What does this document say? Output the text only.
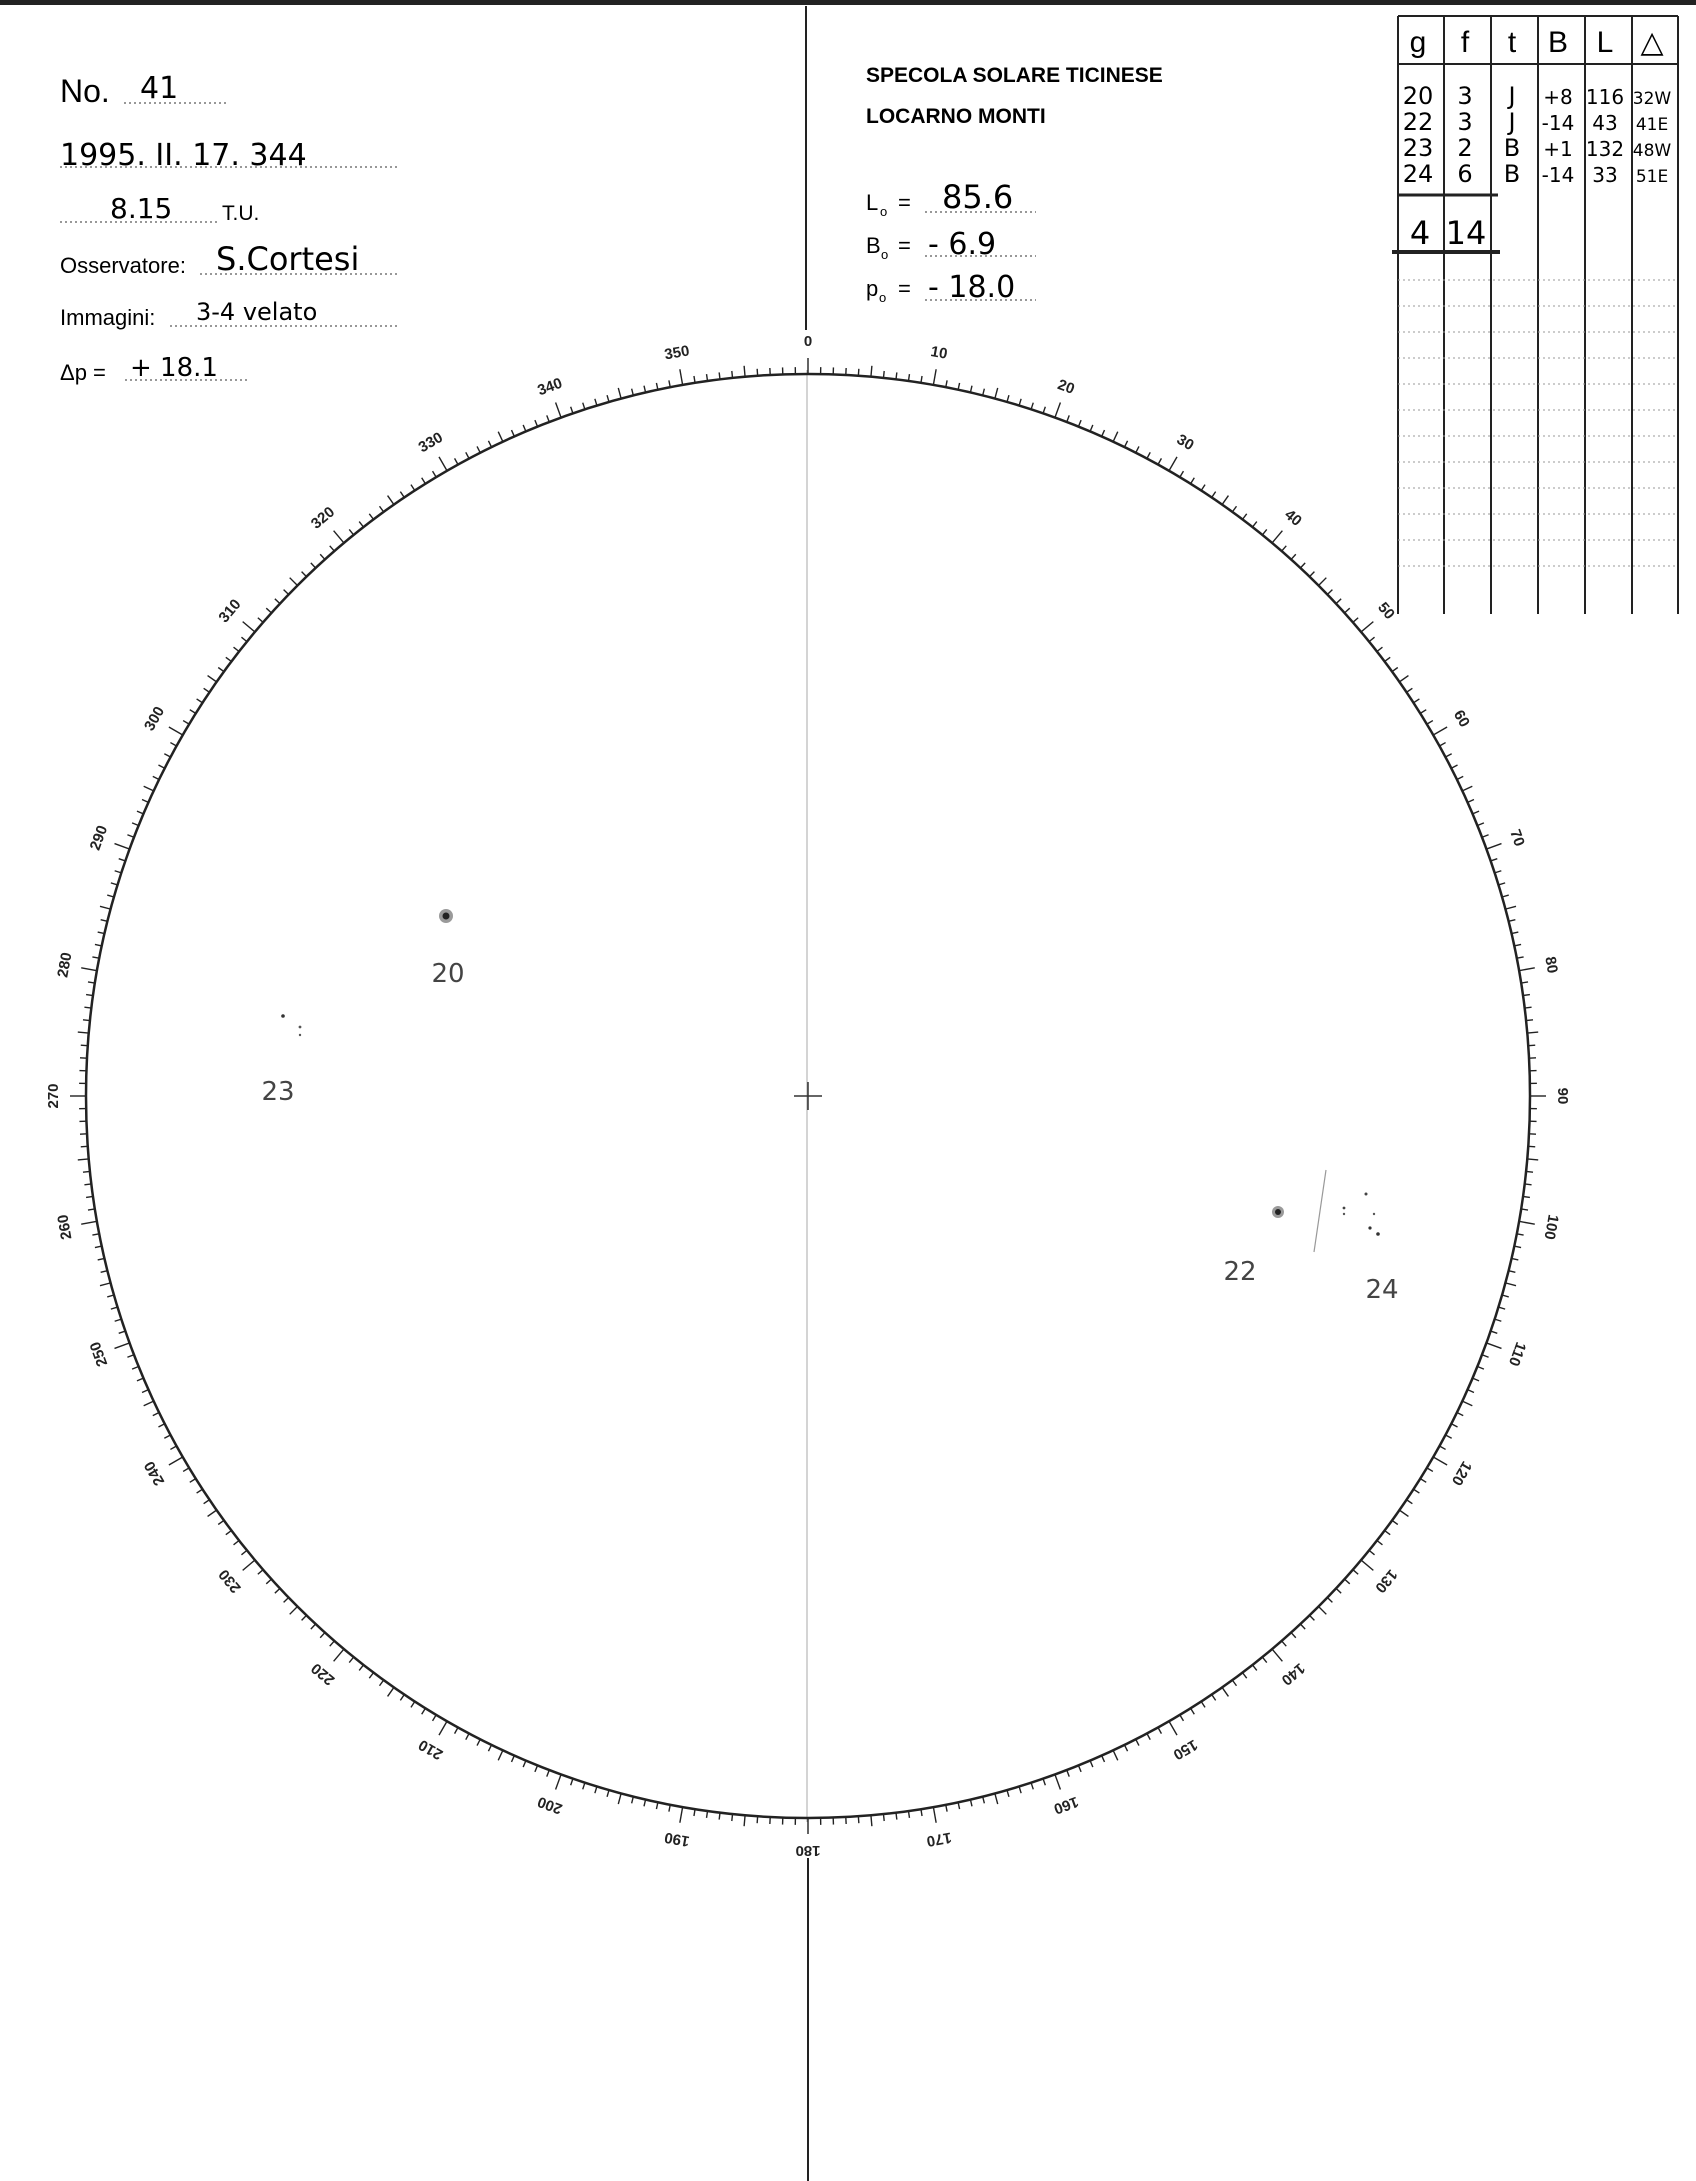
No. 41
1995. II. 17. 344
8.15 T.U.
Osservatore: S.Cortesi
Immagini: 3-4 velato
Δp = + 18.1
SPECOLA SOLARE TICINESE
LOCARNO MONTI
L o = 85.6
B o = - 6.9
p o = - 18.0
g f t B L △
20 3 J +8 116 32W
22 3 J -14 43 41E
23 2 B +1 132 48W
24 6 B -14 33 51E
4 14
0
10
20
30
40
50
60
70
80
90
100
110
120
130
140
150
160
170
180
190
200
210
220
230
240
250
260
270
280
290
300
310
320
330
340
350
20
23
22
24
